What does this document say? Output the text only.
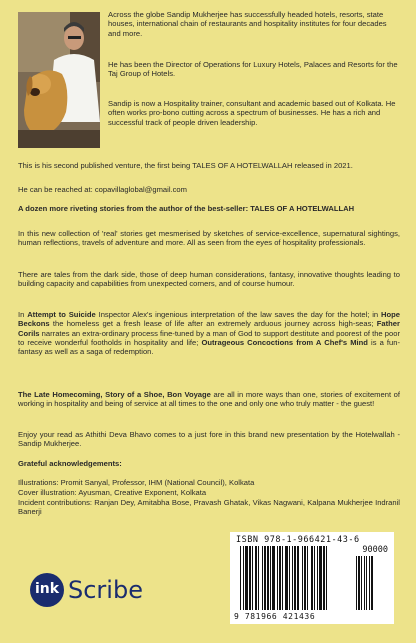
Across the globe Sandip Mukherjee has successfully headed hotels, resorts, state houses, international chain of restaurants and hospitality institutes for four decades and more.

He has been the Director of Operations for Luxury Hotels, Palaces and Resorts for the Taj Group of Hotels.

Sandip is now a Hospitality trainer, consultant and academic based out of Kolkata. He often works pro-bono cutting across a spectrum of businesses. He has a rich and successful track of people driven leadership.

This is his second published venture, the first being TALES OF A HOTELWALLAH released in 2021.

He can be reached at: copavillaglobal@gmail.com

A dozen more riveting stories from the author of the best-seller: TALES OF A HOTELWALLAH

In this new collection of 'real' stories get mesmerised by sketches of service-excellence, supernatural sightings, human reflections, travels of adventure and more. All as seen from the eyes of hospitality professionals.

There are tales from the dark side, those of deep human considerations, fantasy, innovative thoughts leading to building capacity and capabilities from unexpected corners, and of course humour.

In Attempt to Suicide Inspector Alex's ingenious interpretation of the law saves the day for the hotel; in Hope Beckons the homeless get a fresh lease of life after an extremely arduous journey across high-seas; Father Corils narrates an extra-ordinary process fine-tuned by a man of God to support destitute and poorest of the poor to receive wonderful footholds in hospitality and life; Outrageous Concoctions from A Chef's Mind is a fun-fantasy as well as a saga of redemption.

The Late Homecoming, Story of a Shoe, Bon Voyage are all in more ways than one, stories of excitement of working in hospitality and being of service at all times to the one and only one who truly matter - the guest!

Enjoy your read as Athithi Deva Bhavo comes to a just fore in this brand new presentation by the Hotelwallah - Sandip Mukherjee.

Grateful acknowledgements:

Illustrations: Promit Sanyal, Professor, IHM (National Council), Kolkata

Cover illustration: Ayusman, Creative Exponent, Kolkata

Incident contributions: Ranjan Dey, Amitabha Bose, Pravash Ghatak, Vikas Nagwani, Kalpana Mukherjee Indranil Banerji

ink Scribe
ISBN 978-1-966421-43-6
90000
9 781966 421436
